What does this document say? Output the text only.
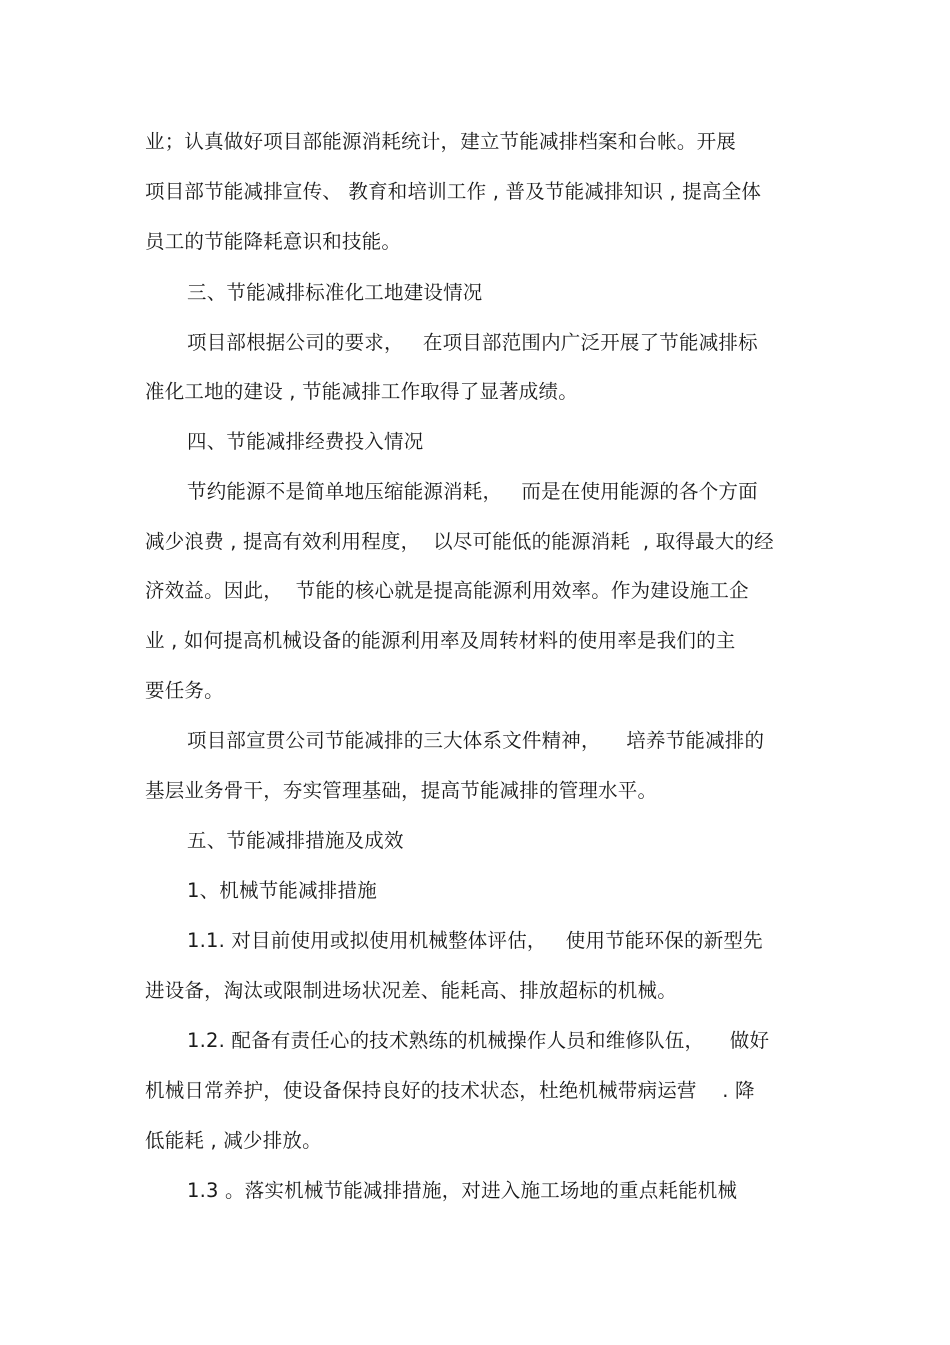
业；认真做好项目部能源消耗统计，建立节能减排档案和台帐。开展
项目部节能减排宣传、 教育和培训工作 , 普及节能减排知识 , 提高全体
员工的节能降耗意识和技能。
三、节能减排标准化工地建设情况
项目部根据公司的要求，   在项目部范围内广泛开展了节能减排标
准化工地的建设 , 节能减排工作取得了显著成绩。
四、节能减排经费投入情况
节约能源不是简单地压缩能源消耗，   而是在使用能源的各个方面
减少浪费 , 提高有效利用程度，  以尽可能低的能源消耗  , 取得最大的经
济效益。因此，  节能的核心就是提高能源利用效率。作为建设施工企
业 , 如何提高机械设备的能源利用率及周转材料的使用率是我们的主
要任务。
项目部宣贯公司节能减排的三大体系文件精神，    培养节能减排的
基层业务骨干，夯实管理基础，提高节能减排的管理水平。
五、节能减排措施及成效
1、机械节能减排措施
1.1. 对目前使用或拟使用机械整体评估，   使用节能环保的新型先
进设备，淘汰或限制进场状况差、能耗高、排放超标的机械。
1.2. 配备有责任心的技术熟练的机械操作人员和维修队伍，    做好
机械日常养护，使设备保持良好的技术状态，杜绝机械带病运营    . 降
低能耗 , 减少排放。
1.3 。落实机械节能减排措施，对进入施工场地的重点耗能机械
